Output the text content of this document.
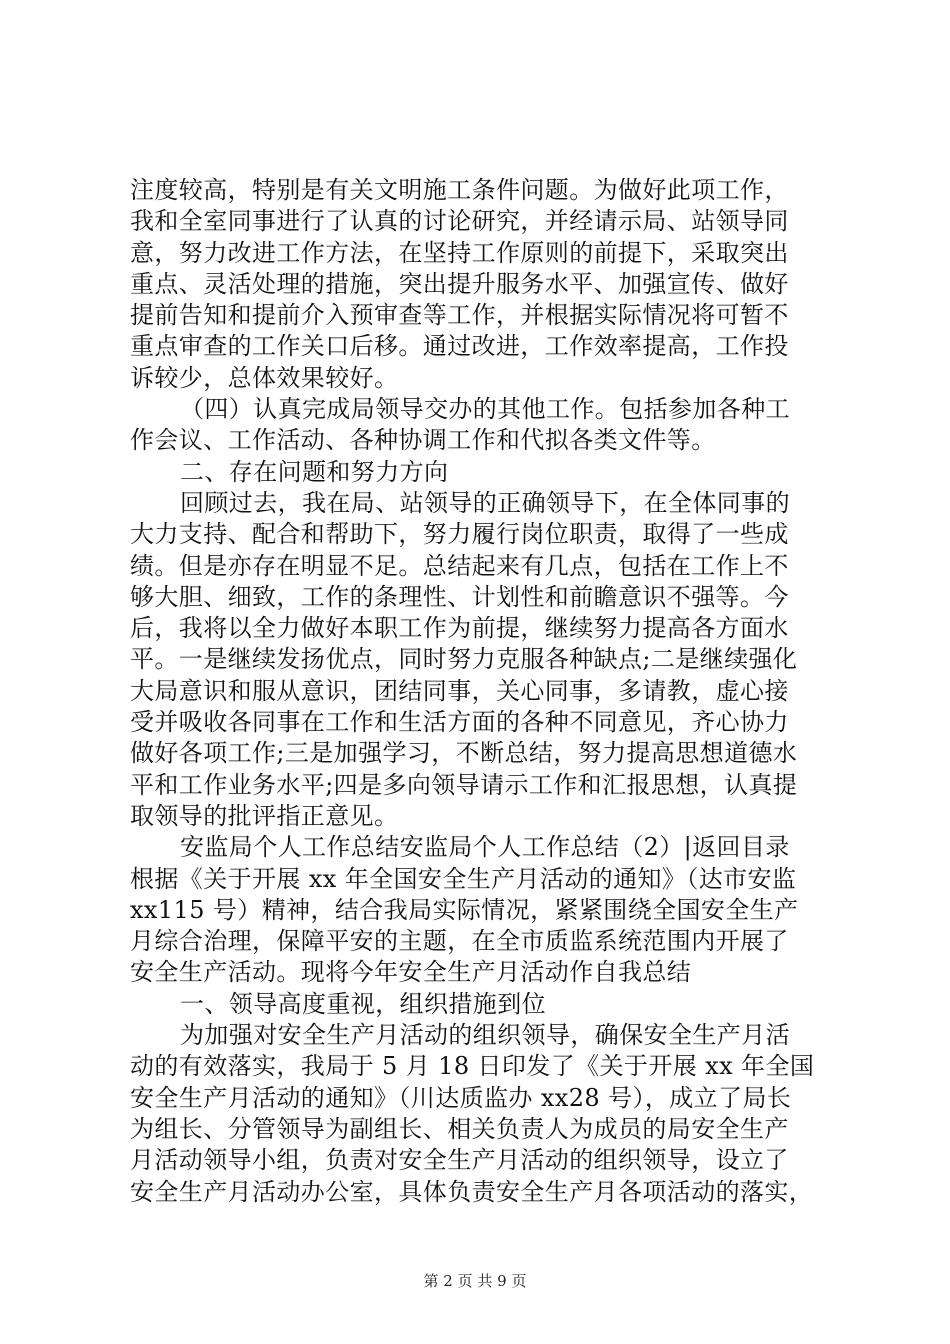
注度较高，特别是有关文明施工条件问题。为做好此项工作，
我和全室同事进行了认真的讨论研究，并经请示局、站领导同
意，努力改进工作方法，在坚持工作原则的前提下，采取突出
重点、灵活处理的措施，突出提升服务水平、加强宣传、做好
提前告知和提前介入预审查等工作，并根据实际情况将可暂不
重点审查的工作关口后移。通过改进，工作效率提高，工作投
诉较少，总体效果较好。
（四）认真完成局领导交办的其他工作。包括参加各种工
作会议、工作活动、各种协调工作和代拟各类文件等。
二、存在问题和努力方向
回顾过去，我在局、站领导的正确领导下，在全体同事的
大力支持、配合和帮助下，努力履行岗位职责，取得了一些成
绩。但是亦存在明显不足。总结起来有几点，包括在工作上不
够大胆、细致，工作的条理性、计划性和前瞻意识不强等。今
后，我将以全力做好本职工作为前提，继续努力提高各方面水
平。一是继续发扬优点，同时努力克服各种缺点;二是继续强化
大局意识和服从意识，团结同事，关心同事，多请教，虚心接
受并吸收各同事在工作和生活方面的各种不同意见，齐心协力
做好各项工作;三是加强学习，不断总结，努力提高思想道德水
平和工作业务水平;四是多向领导请示工作和汇报思想，认真提
取领导的批评指正意见。
安监局个人工作总结安监局个人工作总结（2）|返回目录
根据《关于开展 xx 年全国安全生产月活动的通知》（达市安监
xx115 号）精神，结合我局实际情况，紧紧围绕全国安全生产
月综合治理，保障平安的主题，在全市质监系统范围内开展了
安全生产活动。现将今年安全生产月活动作自我总结
一、领导高度重视，组织措施到位
为加强对安全生产月活动的组织领导，确保安全生产月活
动的有效落实，我局于 5 月 18 日印发了《关于开展 xx 年全国
安全生产月活动的通知》（川达质监办 xx28 号），成立了局长
为组长、分管领导为副组长、相关负责人为成员的局安全生产
月活动领导小组，负责对安全生产月活动的组织领导，设立了
安全生产月活动办公室，具体负责安全生产月各项活动的落实，
第 2 页 共 9 页
